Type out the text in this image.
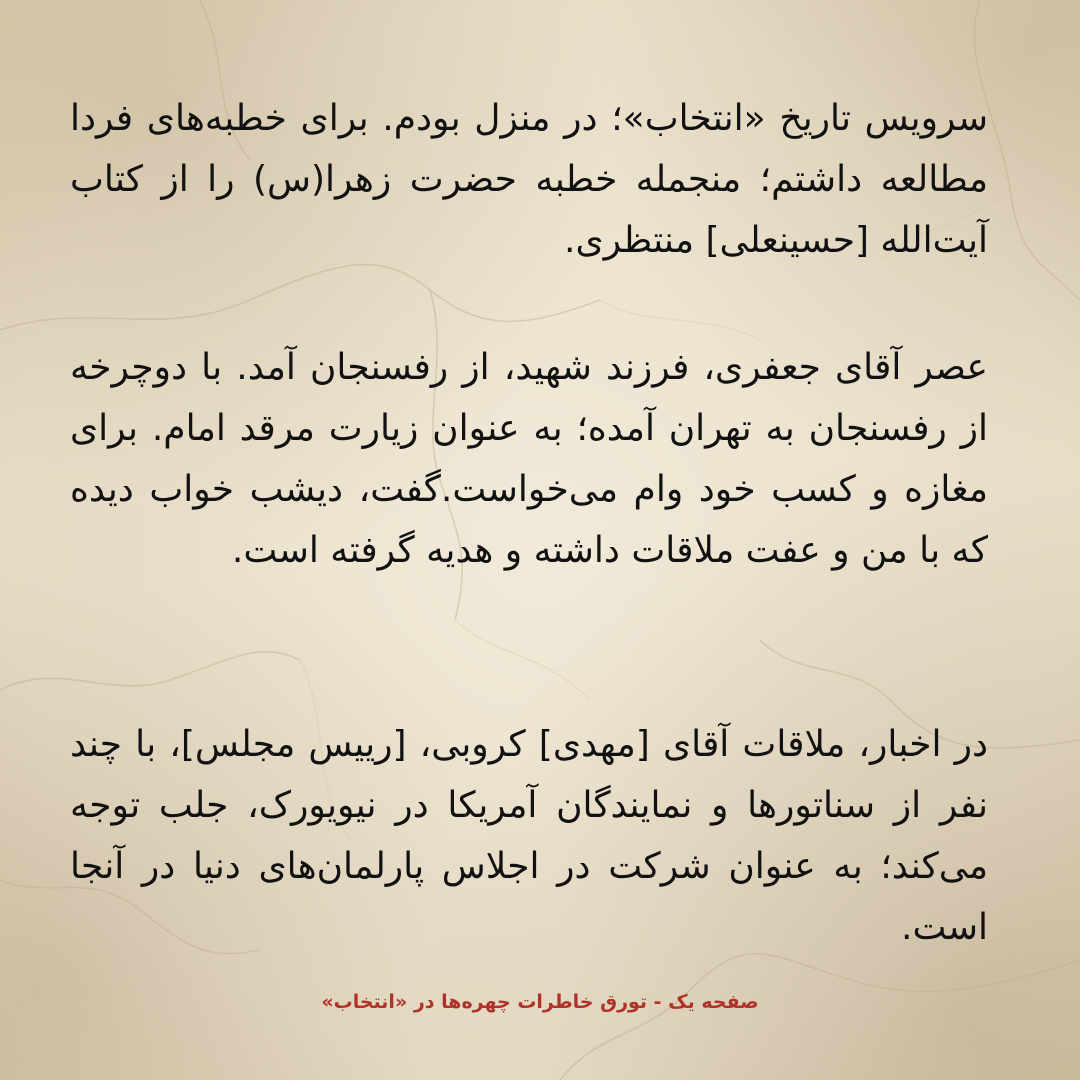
سرویس تاریخ «انتخاب»؛ در منزل بودم. برای خطبه‌های فردا مطالعه داشتم؛ منجمله خطبه حضرت زهرا(س) را از کتاب آیت‌الله [حسینعلی] منتظری.

عصر آقای جعفری، فرزند شهید، از رفسنجان آمد. با دوچرخه از رفسنجان به تهران آمده؛ به عنوان زیارت مرقد امام. برای مغازه و کسب خود وام می‌خواست.گفت، دیشب خواب دیده که با من و عفت ملاقات داشته و هدیه گرفته است.

در اخبار، ملاقات آقای [مهدی] کروبی، [رییس مجلس]، با چند نفر از سناتورها و نمایندگان آمریکا در نیویورک، جلب توجه می‌کند؛ به عنوان شرکت در اجلاس پارلمان‌های دنیا در آنجا است.

صفحه یک - تورق خاطرات چهره‌ها در «انتخاب»
